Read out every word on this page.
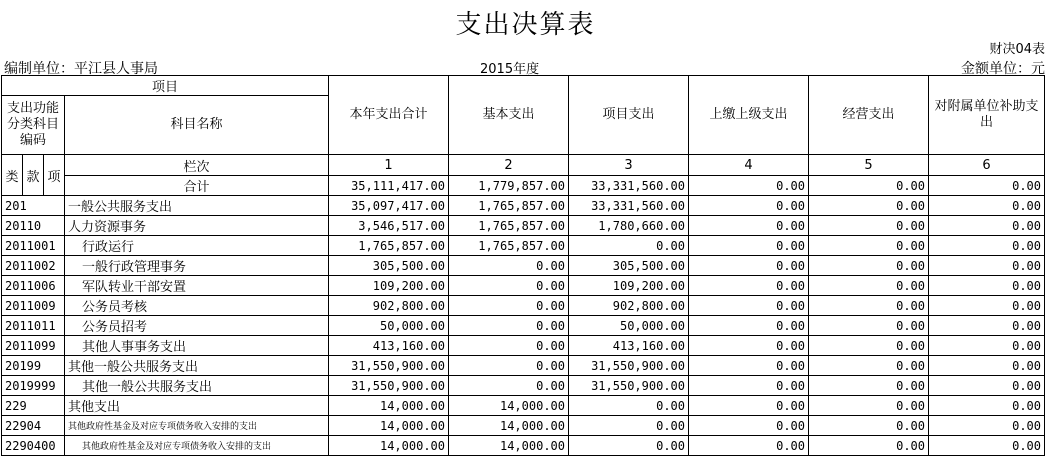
支出决算表
财决04表
编制单位：平江县人事局	2015年度	金额单位：元
项目				本年支出合计	基本支出	项目支出	上缴上级支出	经营支出	对附属单位补助支出
支出功能分类科目编码			科目名称						

类	款	项	栏次	1	2	3	4	5	6
			合计	35,111,417.00	1,779,857.00	33,331,560.00	0.00	0.00	0.00
201			一般公共服务支出	35,097,417.00	1,765,857.00	33,331,560.00	0.00	0.00	0.00
20110			人力资源事务	3,546,517.00	1,765,857.00	1,780,660.00	0.00	0.00	0.00
2011001			行政运行	1,765,857.00	1,765,857.00	0.00	0.00	0.00	0.00
2011002			一般行政管理事务	305,500.00	0.00	305,500.00	0.00	0.00	0.00
2011006			军队转业干部安置	109,200.00	0.00	109,200.00	0.00	0.00	0.00
2011009			公务员考核	902,800.00	0.00	902,800.00	0.00	0.00	0.00
2011011			公务员招考	50,000.00	0.00	50,000.00	0.00	0.00	0.00
2011099			其他人事事务支出	413,160.00	0.00	413,160.00	0.00	0.00	0.00
20199			其他一般公共服务支出	31,550,900.00	0.00	31,550,900.00	0.00	0.00	0.00
2019999			其他一般公共服务支出	31,550,900.00	0.00	31,550,900.00	0.00	0.00	0.00
229			其他支出	14,000.00	14,000.00	0.00	0.00	0.00	0.00
22904			其他政府性基金及对应专项债务收入安排的支出	14,000.00	14,000.00	0.00	0.00	0.00	0.00
2290400			其他政府性基金及对应专项债务收入安排的支出	14,000.00	14,000.00	0.00	0.00	0.00	0.00
